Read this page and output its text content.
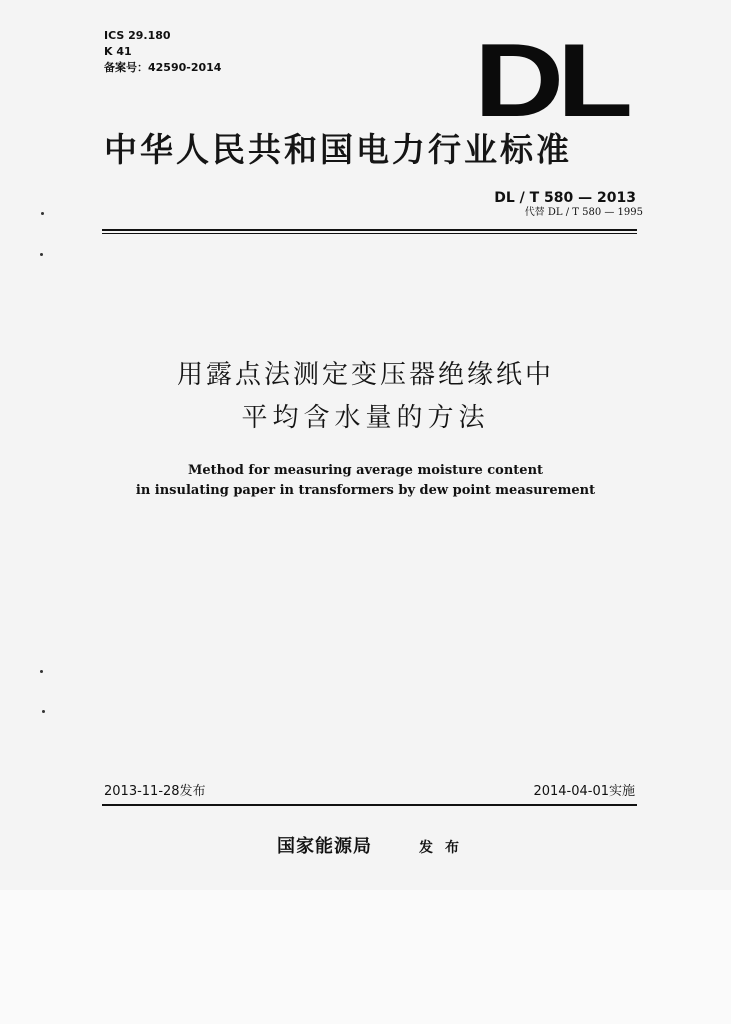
ICS 29.180
K 41
备案号：42590-2014 DL
中华人民共和国电力行业标准
DL / T 580 — 2013
代替 DL / T 580 — 1995
用露点法测定变压器绝缘纸中
平均含水量的方法
Method for measuring average moisture content
in insulating paper in transformers by dew point measurement
2013-11-28发布	2014-04-01实施
国家能源局	发布
